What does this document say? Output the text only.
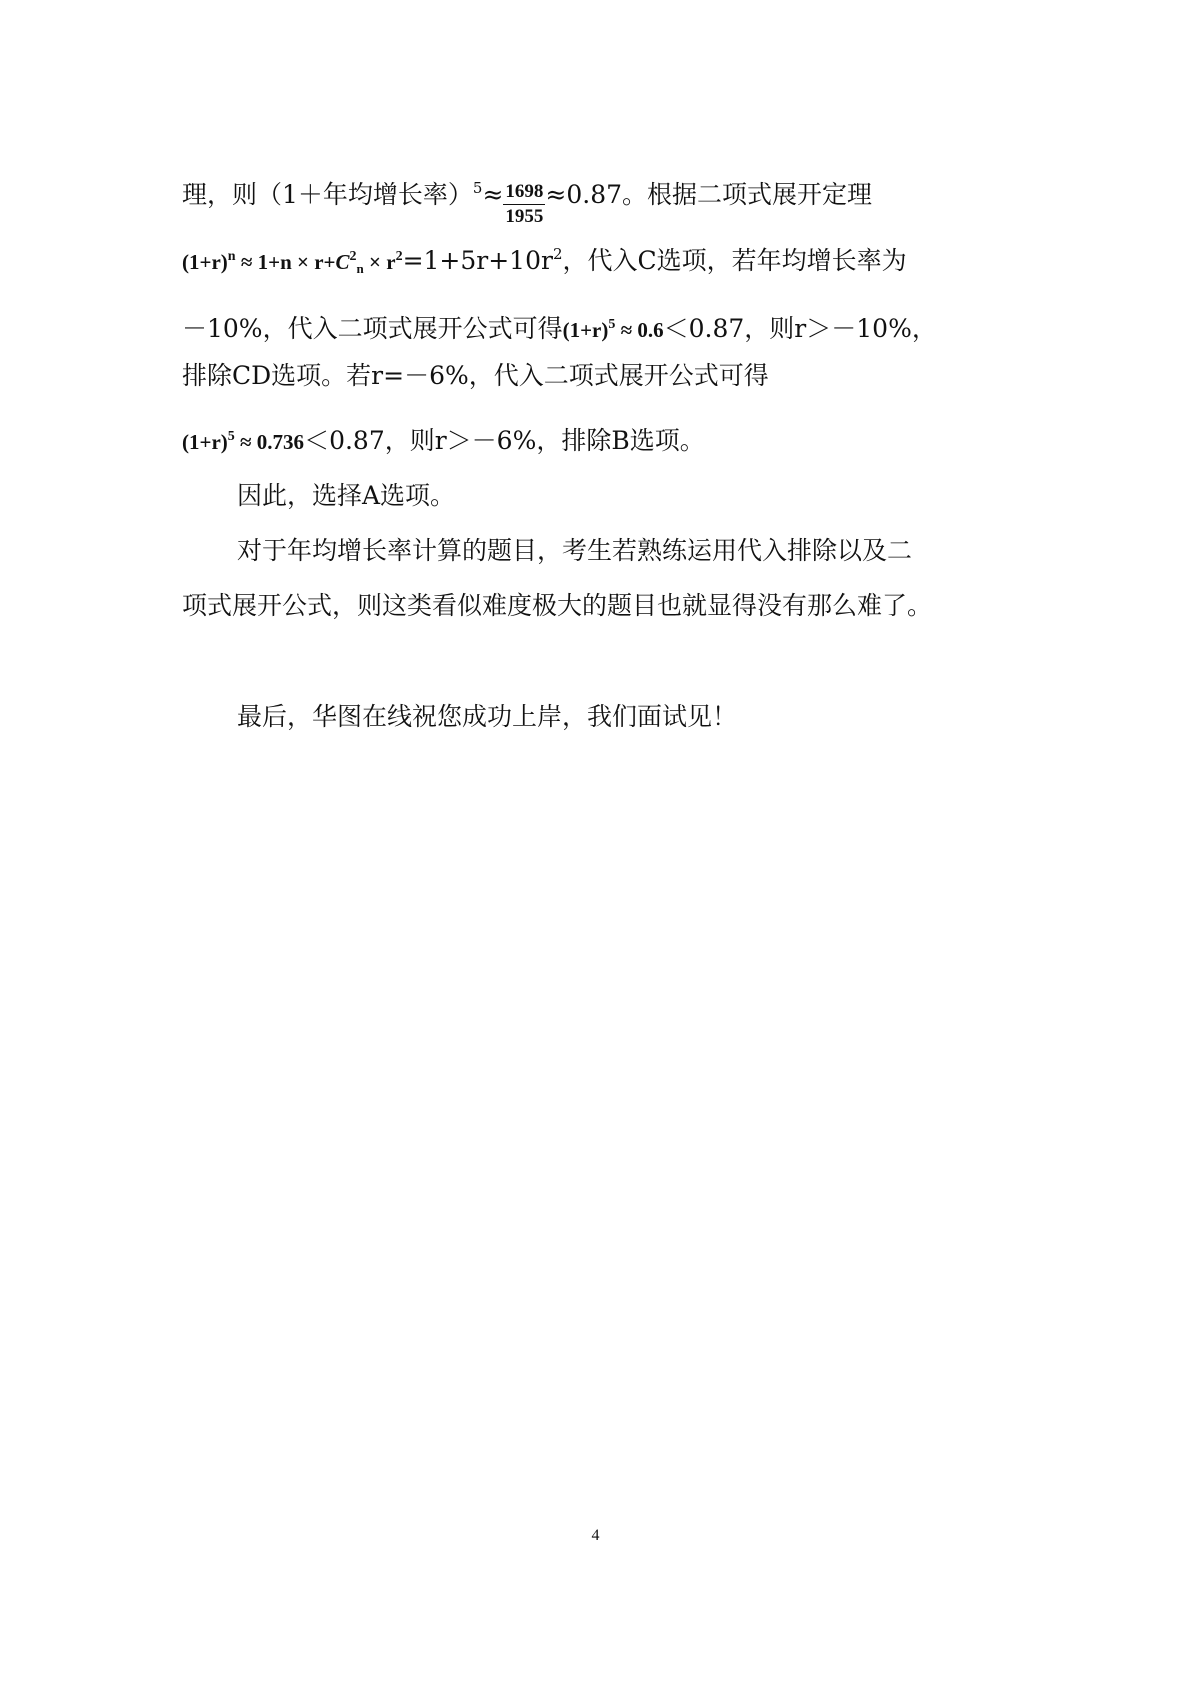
理，则（1＋年均增长率）$^5\approx \frac{1698}{1955} \approx 0.87$。根据二项式展开定理
$(1+r)^n \approx 1+n \times r+C^2_n \times r^2=1+5r+10r^2$，代入C选项，若年均增长率为
－10%，代入二项式展开公式可得$(1+r)^5 \approx 0.6<0.87$，则r＞－10%，
排除CD选项。若r=－6%，代入二项式展开公式可得
$(1+r)^5 \approx 0.736<0.87$，则r＞－6%，排除B选项。
因此，选择A选项。
对于年均增长率计算的题目，考生若熟练运用代入排除以及二
项式展开公式，则这类看似难度极大的题目也就显得没有那么难了。
最后，华图在线祝您成功上岸，我们面试见！
4
